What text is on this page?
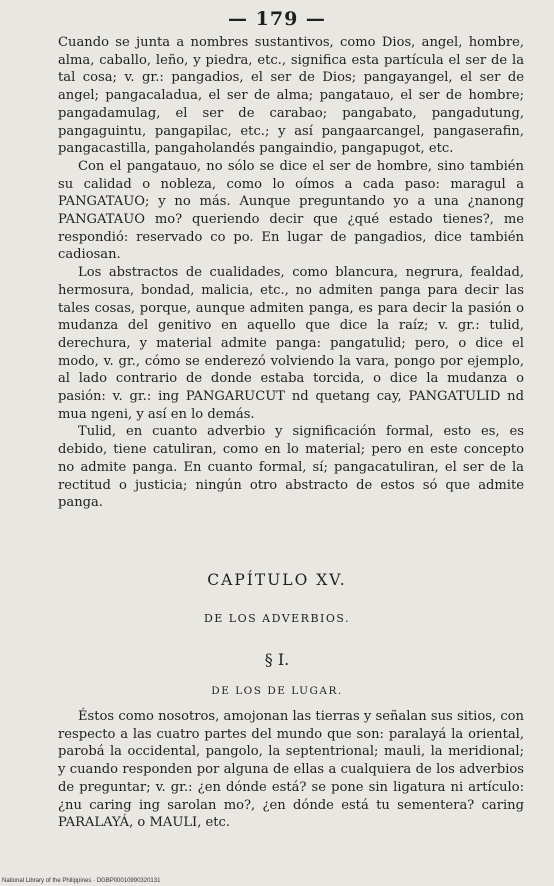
— 179 —

Cuando se junta a nombres sustantivos, como Dios, angel, hombre, alma, caballo, leño, y piedra, etc., significa esta partícula el ser de la tal cosa; v. gr.: pangadios, el ser de Dios; pangayangel, el ser de angel; pangacaladua, el ser de alma; pangatauo, el ser de hombre; pangadamulag, el ser de carabao; pangabato, pangadutung, pangaguintu, pangapilac, etc.; y así pangaarcangel, pangaserafin, pangacastilla, pangaholandés pangaindio, pangapugot, etc.

Con el pangatauo, no sólo se dice el ser de hombre, sino también su calidad o nobleza, como lo oímos a cada paso: maragul a PANGATAUO; y no más. Aunque preguntando yo a una ¿nanong PANGATAUO mo? queriendo decir que ¿qué estado tienes?, me respondió: reservado co po. En lugar de pangadios, dice también cadiosan.

Los abstractos de cualidades, como blancura, negrura, fealdad, hermosura, bondad, malicia, etc., no admiten panga para decir las tales cosas, porque, aunque admiten panga, es para decir la pasión o mudanza del genitivo en aquello que dice la raíz; v. gr.: tulid, derechura, y material admite panga: pangatulid; pero, o dice el modo, v. gr., cómo se enderezó volviendo la vara, pongo por ejemplo, al lado contrario de donde estaba torcida, o dice la mudanza o pasión: v. gr.: ing PANGARUCUT nd quetang cay, PANGATULID nd mua ngeni, y así en lo demás.

Tulid, en cuanto adverbio y significación formal, esto es, es debido, tiene catuliran, como en lo material; pero en este concepto no admite panga. En cuanto formal, sí; pangacatuliran, el ser de la rectitud o justicia; ningún otro abstracto de estos só que admite panga.

CAPÍTULO XV.
DE LOS ADVERBIOS.
§ I.
DE LOS DE LUGAR.

Éstos como nosotros, amojonan las tierras y señalan sus sitios, con respecto a las cuatro partes del mundo que son: paralayá la oriental, parobá la occidental, pangolo, la septentrional; mauli, la meridional; y cuando responden por alguna de ellas a cualquiera de los adverbios de preguntar; v. gr.: ¿en dónde está? se pone sin ligatura ni artículo: ¿nu caring ing sarolan mo?, ¿en dónde está tu sementera? caring PARALAYÁ, o MAULI, etc.

National Library of the Philippines · DGBP00010990320131
